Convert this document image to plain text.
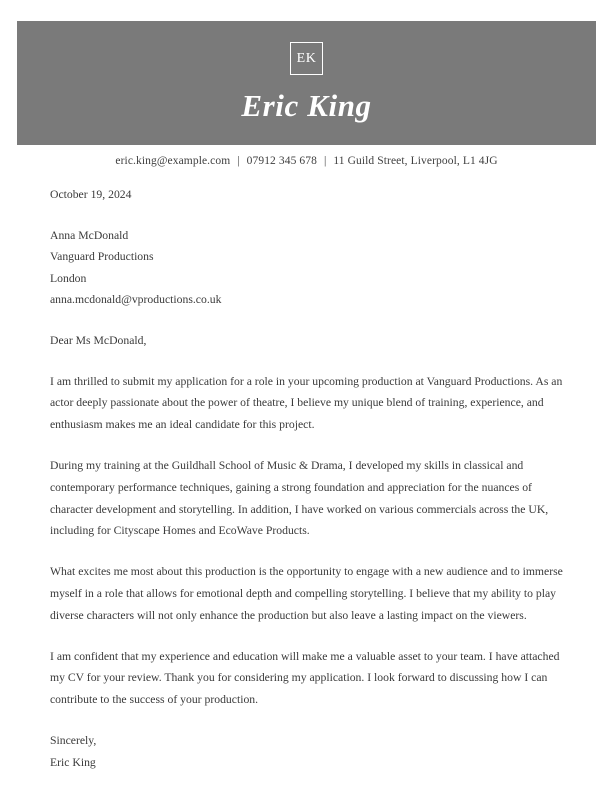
EK
Eric King
eric.king@example.com | 07912 345 678 | 11 Guild Street, Liverpool, L1 4JG

October 19, 2024

Anna McDonald

Vanguard Productions

London

anna.mcdonald@vproductions.co.uk

Dear Ms McDonald,

I am thrilled to submit my application for a role in your upcoming production at Vanguard Productions. As an actor deeply passionate about the power of theatre, I believe my unique blend of training, experience, and enthusiasm makes me an ideal candidate for this project.

During my training at the Guildhall School of Music & Drama, I developed my skills in classical and contemporary performance techniques, gaining a strong foundation and appreciation for the nuances of character development and storytelling. In addition, I have worked on various commercials across the UK, including for Cityscape Homes and EcoWave Products.

What excites me most about this production is the opportunity to engage with a new audience and to immerse myself in a role that allows for emotional depth and compelling storytelling. I believe that my ability to play diverse characters will not only enhance the production but also leave a lasting impact on the viewers.

I am confident that my experience and education will make me a valuable asset to your team. I have attached my CV for your review. Thank you for considering my application. I look forward to discussing how I can contribute to the success of your production.

Sincerely,

Eric King
